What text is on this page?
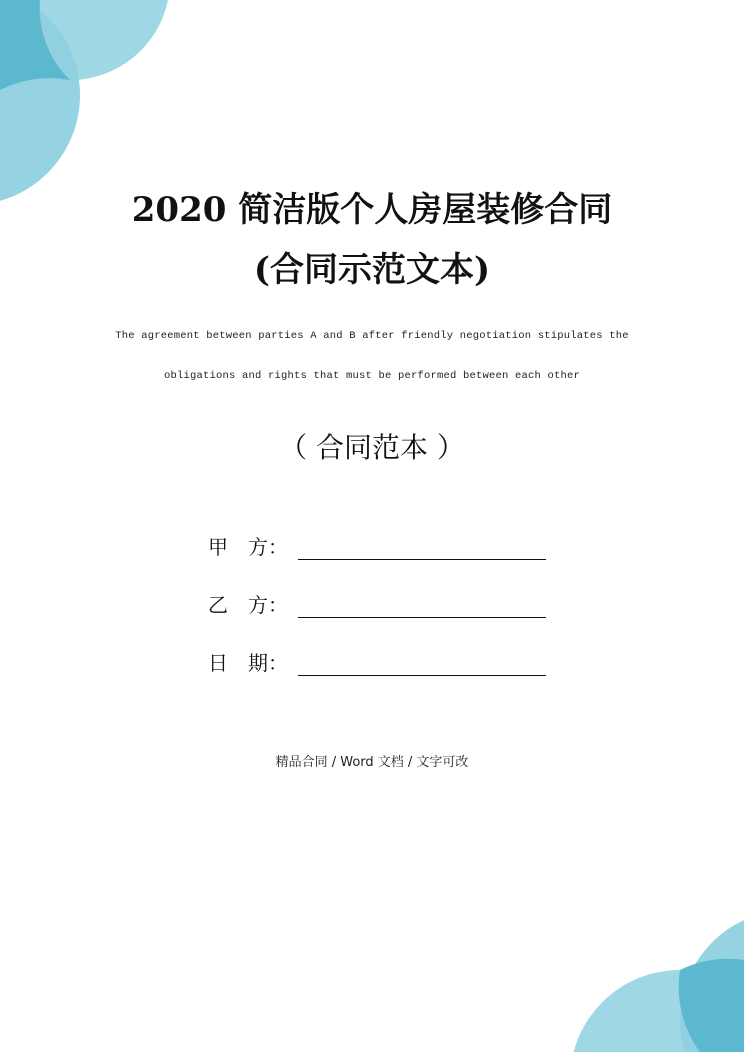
2020 简洁版个人房屋装修合同
(合同示范文本)
The agreement between parties A and B after friendly negotiation stipulates the
obligations and rights that must be performed between each other
（ 合同范本 ）
甲　方：
乙　方：
日　期：
精品合同 / Word 文档 / 文字可改
